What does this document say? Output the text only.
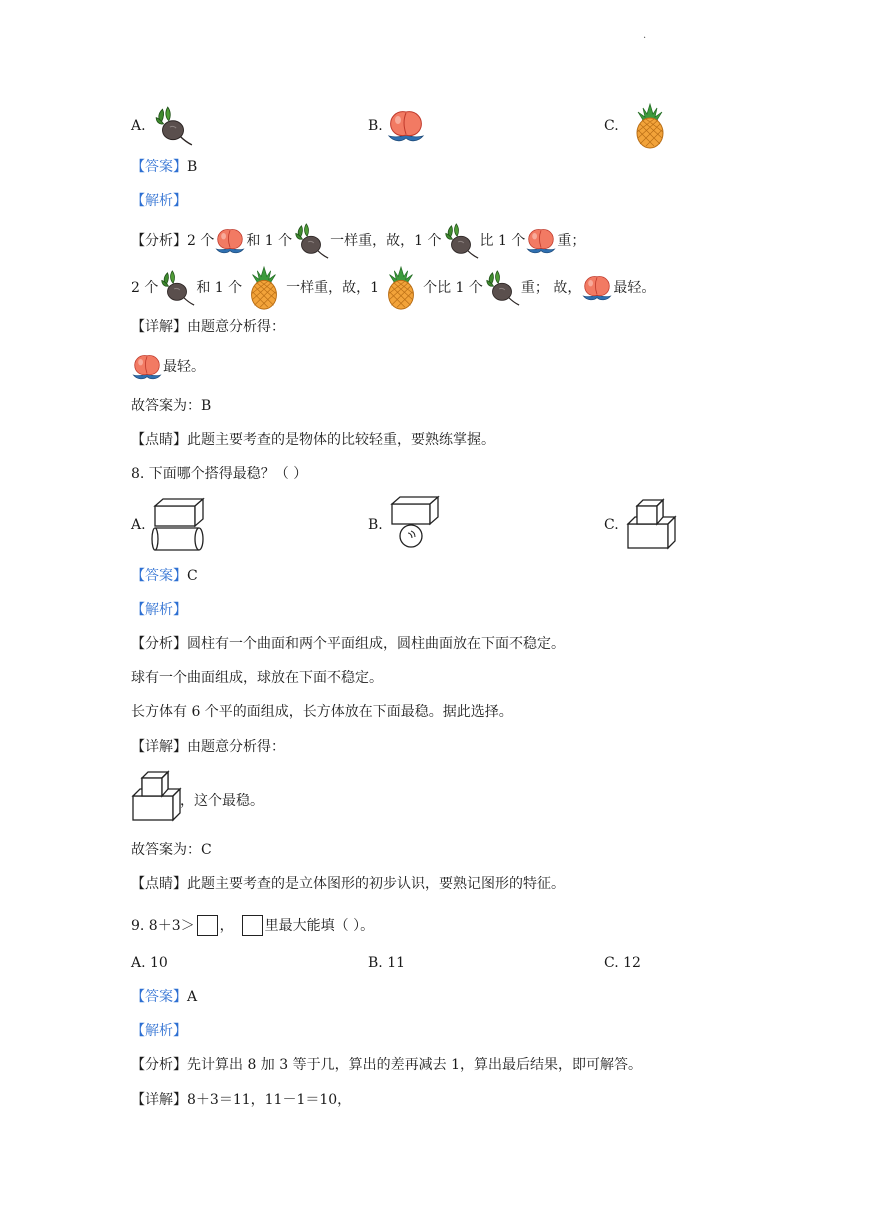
.
A.	B.	C.
【答案】 B
【解析】
【分析】 2 个 和 1 个	一样重，故，1 个	比 1 个 重；
2 个	和 1 个	一样重，故，1	个比 1 个	重； 故， 最轻。
【详解】 由题意分析得：
最轻。
故答案为：B
【点睛】 此题主要考查的是物体的比较轻重，要熟练掌握。
8. 下面哪个搭得最稳？（ ）
A.	B.	C.
【答案】 C
【解析】
【分析】 圆柱有一个曲面和两个平面组成，圆柱曲面放在下面不稳定。
球有一个曲面组成，球放在下面不稳定。
长方体有 6 个平的面组成，长方体放在下面最稳。据此选择。
【详解】 由题意分析得：
，这个最稳。
故答案为：C
【点睛】 此题主要考查的是立体图形的初步认识，要熟记图形的特征。
9. 8＋3＞ ， 里最大能填（ ）。
A. 10	B. 11	C. 12
【答案】 A
【解析】
【分析】 先计算出 8 加 3 等于几，算出的差再减去 1，算出最后结果，即可解答。
【详解】 8＋3＝11，11－1＝10，
